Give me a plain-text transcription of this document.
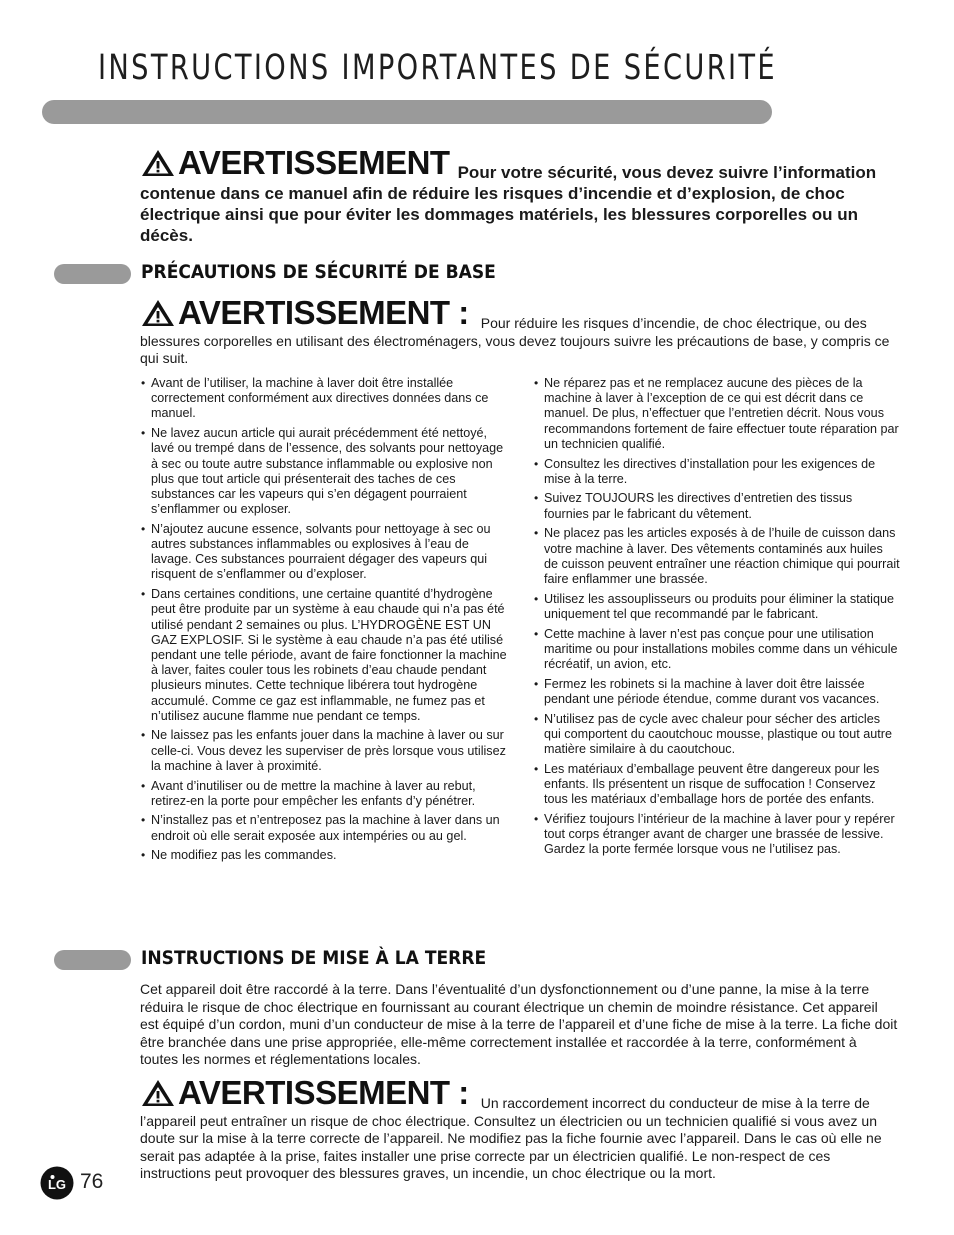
INSTRUCTIONS IMPORTANTES DE SÉCURITÉ
AVERTISSEMENT Pour votre sécurité, vous devez suivre l’information contenue dans ce manuel afin de réduire les risques d’incendie et d’explosion, de choc électrique ainsi que pour éviter les dommages matériels, les blessures corporelles ou un décès.
PRÉCAUTIONS DE SÉCURITÉ DE BASE
AVERTISSEMENT : Pour réduire les risques d’incendie, de choc électrique, ou des blessures corporelles en utilisant des électroménagers, vous devez toujours suivre les précautions de base, y compris ce qui suit.
• Avant de l’utiliser, la machine à laver doit être installée correctement conformément aux directives données dans ce manuel.
• Ne lavez aucun article qui aurait précédemment été nettoyé, lavé ou trempé dans de l’essence, des solvants pour nettoyage à sec ou toute autre substance inflammable ou explosive non plus que tout article qui présenterait des taches de ces substances car les vapeurs qui s’en dégagent pourraient s’enflammer ou exploser.
• N’ajoutez aucune essence, solvants pour nettoyage à sec ou autres substances inflammables ou explosives à l’eau de lavage. Ces substances pourraient dégager des vapeurs qui risquent de s’enflammer ou d’exploser.
• Dans certaines conditions, une certaine quantité d’hydrogène peut être produite par un système à eau chaude qui n’a pas été utilisé pendant 2 semaines ou plus. L’HYDROGÈNE EST UN GAZ EXPLOSIF. Si le système à eau chaude n’a pas été utilisé pendant une telle période, avant de faire fonctionner la machine à laver, faites couler tous les robinets d’eau chaude pendant plusieurs minutes. Cette technique libérera tout hydrogène accumulé. Comme ce gaz est inflammable, ne fumez pas et n’utilisez aucune flamme nue pendant ce temps.
• Ne laissez pas les enfants jouer dans la machine à laver ou sur celle-ci. Vous devez les superviser de près lorsque vous utilisez la machine à laver à proximité.
• Avant d’inutiliser ou de mettre la machine à laver au rebut, retirez-en la porte pour empêcher les enfants d’y pénétrer.
• N’installez pas et n’entreposez pas la machine à laver dans un endroit où elle serait exposée aux intempéries ou au gel.
• Ne modifiez pas les commandes.
• Ne réparez pas et ne remplacez aucune des pièces de la machine à laver à l’exception de ce qui est décrit dans ce manuel. De plus, n’effectuer que l’entretien décrit. Nous vous recommandons fortement de faire effectuer toute réparation par un technicien qualifié.
• Consultez les directives d’installation pour les exigences de mise à la terre.
• Suivez TOUJOURS les directives d’entretien des tissus fournies par le fabricant du vêtement.
• Ne placez pas les articles exposés à de l’huile de cuisson dans votre machine à laver. Des vêtements contaminés aux huiles de cuisson peuvent entraîner une réaction chimique qui pourrait faire enflammer une brassée.
• Utilisez les assouplisseurs ou produits pour éliminer la statique uniquement tel que recommandé par le fabricant.
• Cette machine à laver n’est pas conçue pour une utilisation maritime ou pour installations mobiles comme dans un véhicule récréatif, un avion, etc.
• Fermez les robinets si la machine à laver doit être laissée pendant une période étendue, comme durant vos vacances.
• N’utilisez pas de cycle avec chaleur pour sécher des articles qui comportent du caoutchouc mousse, plastique ou tout autre matière similaire à du caoutchouc.
• Les matériaux d’emballage peuvent être dangereux pour les enfants. Ils présentent un risque de suffocation ! Conservez tous les matériaux d’emballage hors de portée des enfants.
• Vérifiez toujours l’intérieur de la machine à laver pour y repérer tout corps étranger avant de charger une brassée de lessive. Gardez la porte fermée lorsque vous ne l’utilisez pas.
INSTRUCTIONS DE MISE À LA TERRE

Cet appareil doit être raccordé à la terre. Dans l’éventualité d’un dysfonctionnement ou d’une panne, la mise à la terre réduira le risque de choc électrique en fournissant au courant électrique un chemin de moindre résistance. Cet appareil est équipé d’un cordon, muni d’un conducteur de mise à la terre de l’appareil et d’une fiche de mise à la terre. La fiche doit être branchée dans une prise appropriée, elle-même correctement installée et raccordée à la terre, conformément à toutes les normes et réglementations locales.

AVERTISSEMENT : Un raccordement incorrect du conducteur de mise à la terre de l’appareil peut entraîner un risque de choc électrique. Consultez un électricien ou un technicien qualifié si vous avez un doute sur la mise à la terre correcte de l’appareil. Ne modifiez pas la fiche fournie avec l’appareil. Dans le cas où elle ne serait pas adaptée à la prise, faites installer une prise correcte par un électricien qualifié. Le non-respect de ces instructions peut provoquer des blessures graves, un incendie, un choc électrique ou la mort.
LG 76
